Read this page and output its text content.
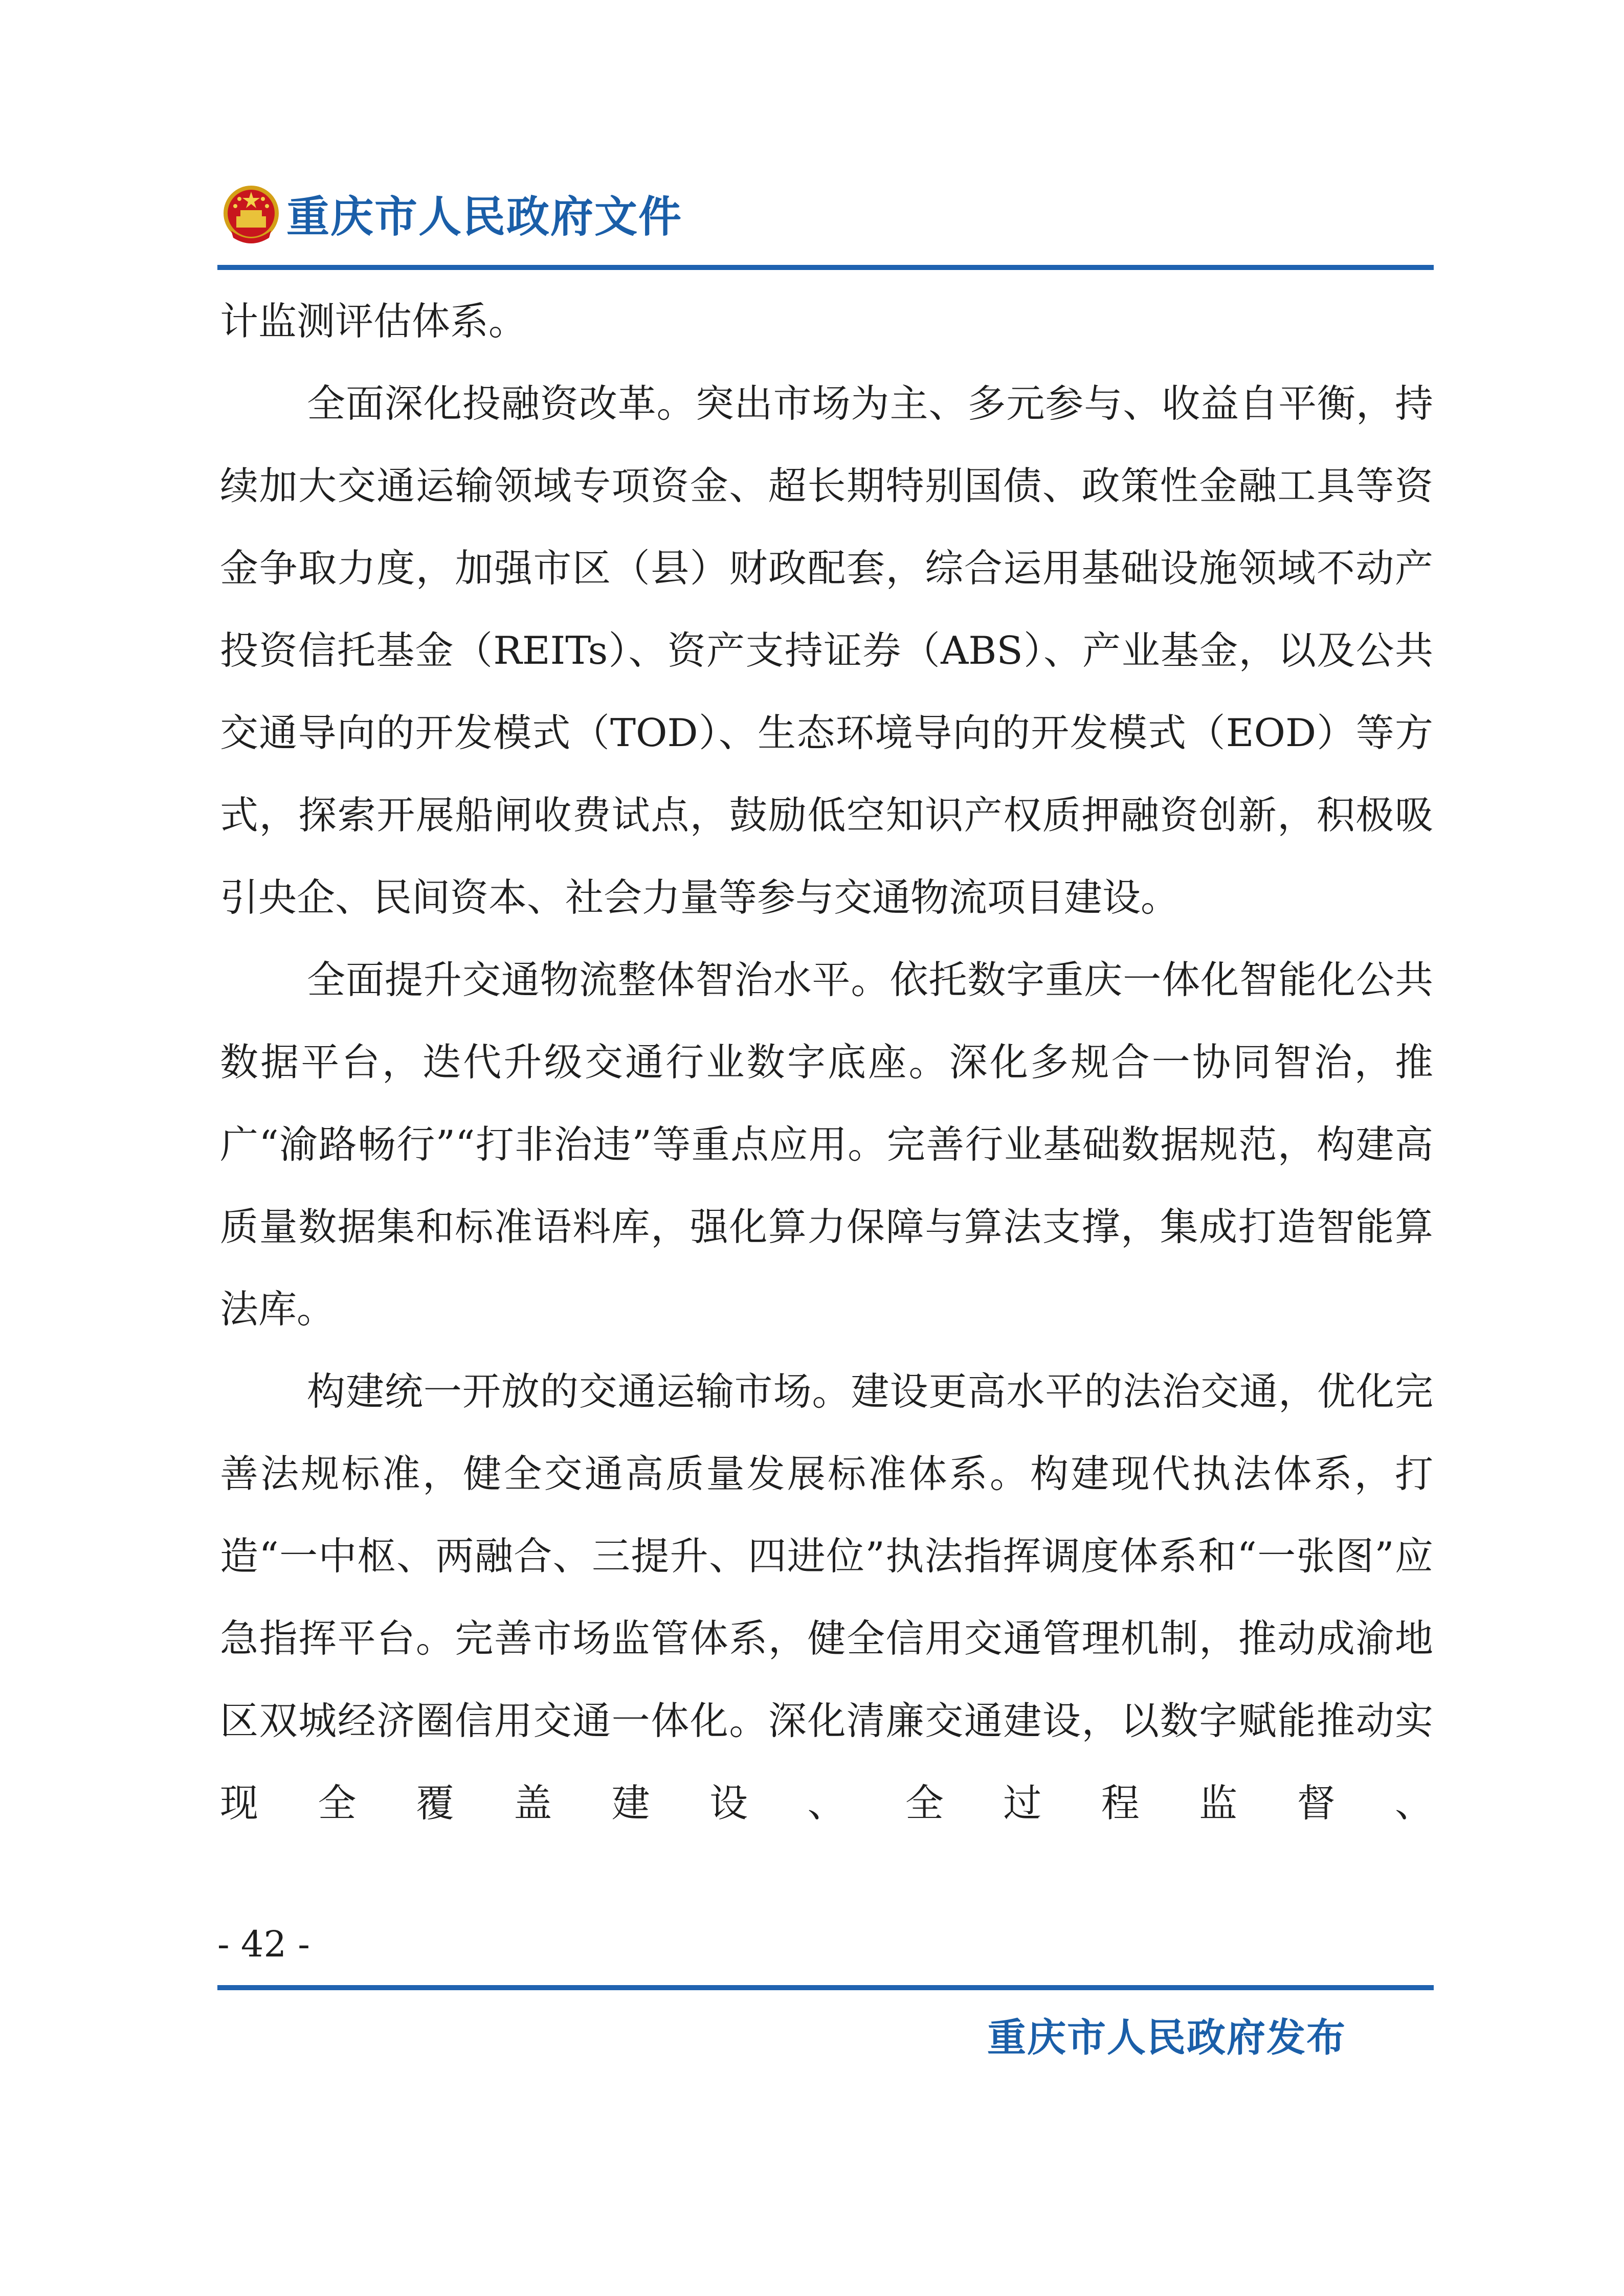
重庆市人民政府文件

计监测评估体系。

全面深化投融资改革。突出市场为主、多元参与、收益自平衡，持续加大交通运输领域专项资金、超长期特别国债、政策性金融工具等资金争取力度，加强市区（县）财政配套，综合运用基础设施领域不动产投资信托基金（REITs）、资产支持证券（ABS）、产业基金，以及公共交通导向的开发模式（TOD）、生态环境导向的开发模式（EOD）等方式，探索开展船闸收费试点，鼓励低空知识产权质押融资创新，积极吸引央企、民间资本、社会力量等参与交通物流项目建设。

全面提升交通物流整体智治水平。依托数字重庆一体化智能化公共数据平台，迭代升级交通行业数字底座。深化多规合一协同智治，推广“渝路畅行”“打非治违”等重点应用。完善行业基础数据规范，构建高质量数据集和标准语料库，强化算力保障与算法支撑，集成打造智能算法库。

构建统一开放的交通运输市场。建设更高水平的法治交通，优化完善法规标准，健全交通高质量发展标准体系。构建现代执法体系，打造“一中枢、两融合、三提升、四进位”执法指挥调度体系和“一张图”应急指挥平台。完善市场监管体系，健全信用交通管理机制，推动成渝地区双城经济圈信用交通一体化。深化清廉交通建设，以数字赋能推动实现全覆盖建设、全过程监督、

- 42 -
重庆市人民政府发布
